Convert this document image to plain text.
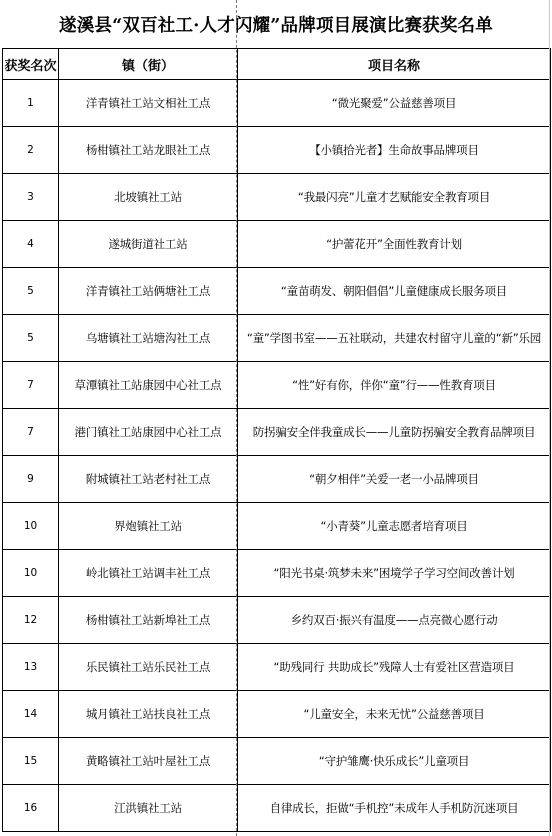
遂溪县“双百社工·人才闪耀”品牌项目展演比赛获奖名单
获奖名次	镇（街）	项目名称
1	洋青镇社工站文相社工点	“微光聚爱”公益慈善项目
2	杨柑镇社工站龙眼社工点	【小镇拾光者】生命故事品牌项目
3	北坡镇社工站	“我最闪亮”儿童才艺赋能安全教育项目
4	遂城街道社工站	“护蕾花开”全面性教育计划
5	洋青镇社工站俩塘社工点	“童苗萌发、朝阳倡倡”儿童健康成长服务项目
5	乌塘镇社工站塘沟社工点	“童”学图书室——五社联动，共建农村留守儿童的“新”乐园
7	草潭镇社工站康园中心社工点	“性”好有你，伴你“童”行——性教育项目
7	港门镇社工站康园中心社工点	防拐骗安全伴我童成长——儿童防拐骗安全教育品牌项目
9	附城镇社工站老村社工点	“朝夕相伴”关爱一老一小品牌项目
10	界炮镇社工站	“小青葵”儿童志愿者培育项目
10	岭北镇社工站调丰社工点	“阳光书桌·筑梦未来”困境学子学习空间改善计划
12	杨柑镇社工站新埠社工点	乡约双百·振兴有温度——点亮微心愿行动
13	乐民镇社工站乐民社工点	“助残同行 共助成长”残障人士有爱社区营造项目
14	城月镇社工站扶良社工点	“儿童安全，未来无忧”公益慈善项目
15	黄略镇社工站叶屋社工点	“守护雏鹰·快乐成长”儿童项目
16	江洪镇社工站	自律成长，拒做“手机控”未成年人手机防沉迷项目
